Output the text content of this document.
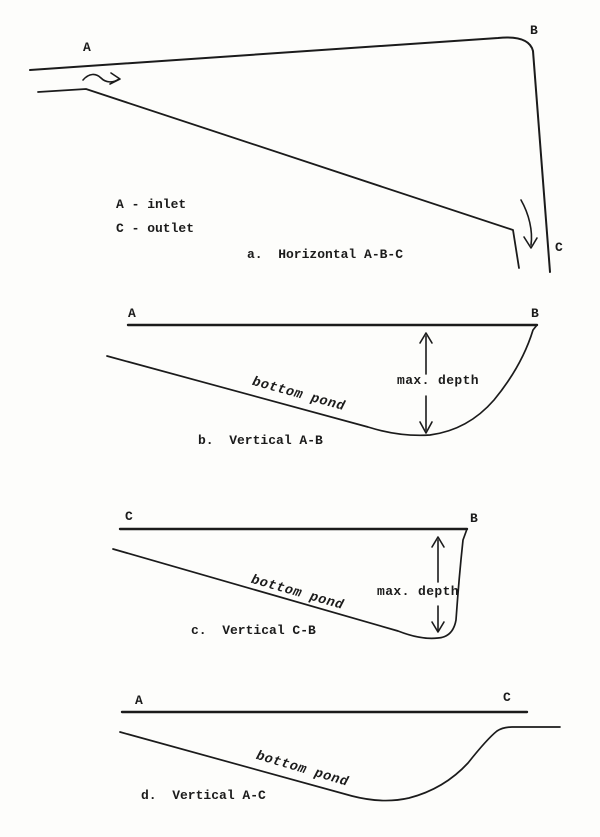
A
B
C
A - inlet
C - outlet
a.  Horizontal A-B-C
A	B
bottom pond	max. depth
b.  Vertical A-B
C	B
bottom pond max. depth
c.  Vertical C-B
A	C
bottom pond
d.  Vertical A-C
